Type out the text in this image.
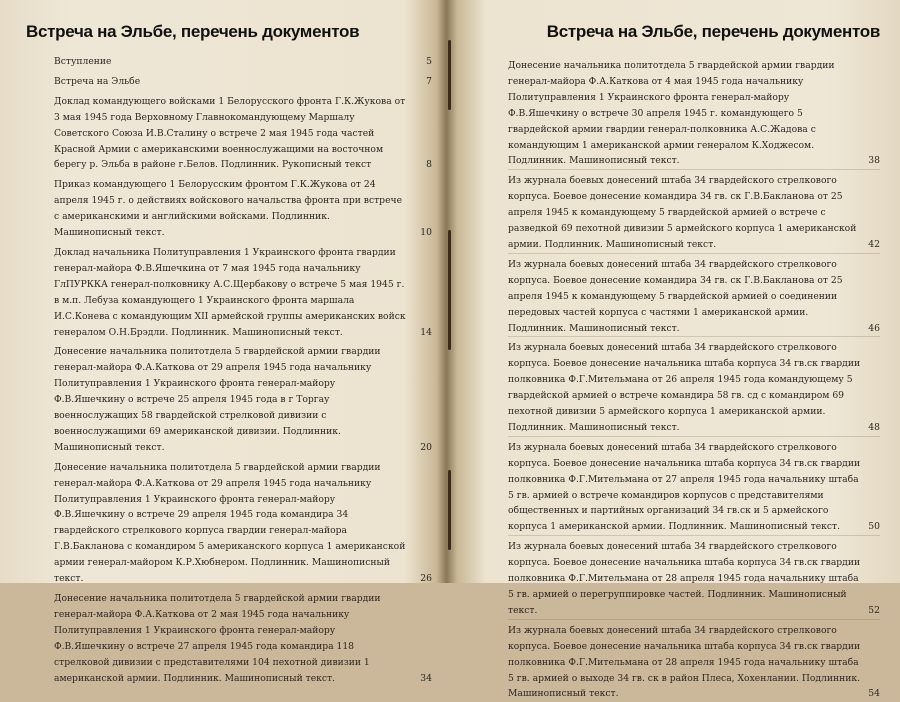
Встреча на Эльбе, перечень документов
Вступление	5
Встреча на Эльбе	7
Доклад командующего войсками 1 Белорусского фронта Г.К.Жукова от 3 мая 1945 года Верховному Главнокомандующему Маршалу Советского Союза И.В.Сталину о встрече 2 мая 1945 года частей Красной Армии с американскими военнослужащими на восточном берегу р. Эльба в районе г.Белов. Подлинник. Рукописный текст	8
Приказ командующего 1 Белорусским фронтом Г.К.Жукова от 24 апреля 1945 г. о действиях войскового начальства фронта при встрече с американскими и английскими войсками. Подлинник. Машинописный текст.	10
Доклад начальника Политуправления 1 Украинского фронта гвардии генерал-майора Ф.В.Яшечкина от 7 мая 1945 года начальнику ГлПУРККА генерал-полковнику А.С.Щербакову о встрече 5 мая 1945 г. в м.п. Лебуза командующего 1 Украинского фронта маршала И.С.Конева с командующим XII армейской группы американских войск генералом О.Н.Брэдли. Подлинник. Машинописный текст.	14
Донесение начальника политотдела 5 гвардейской армии гвардии генерал-майора Ф.А.Каткова от 29 апреля 1945 года начальнику Политуправления 1 Украинского фронта генерал-майору Ф.В.Яшечкину о встрече 25 апреля 1945 года в г Торгау военнослужащих 58 гвардейской стрелковой дивизии с военнослужащими 69 американской дивизии. Подлинник. Машинописный текст.	20
Донесение начальника политотдела 5 гвардейской армии гвардии генерал-майора Ф.А.Каткова от 29 апреля 1945 года начальнику Политуправления 1 Украинского фронта генерал-майору Ф.В.Яшечкину о встрече 29 апреля 1945 года командира 34 гвардейского стрелкового корпуса гвардии генерал-майора Г.В.Бакланова с командиром 5 американского корпуса 1 американской армии генерал-майором К.Р.Хюбнером. Подлинник. Машинописный текст.	26
Донесение начальника политотдела 5 гвардейской армии гвардии генерал-майора Ф.А.Каткова от 2 мая 1945 года начальнику Политуправления 1 Украинского фронта генерал-майору Ф.В.Яшечкину о встрече 27 апреля 1945 года командира 118 стрелковой дивизии с представителями 104 пехотной дивизии 1 американской армии. Подлинник. Машинописный текст.	34
Встреча на Эльбе, перечень документов
Донесение начальника политотдела 5 гвардейской армии гвардии генерал-майора Ф.А.Каткова от 4 мая 1945 года начальнику Политуправления 1 Украинского фронта генерал-майору Ф.В.Яшечкину о встрече 30 апреля 1945 г. командующего 5 гвардейской армии гвардии генерал-полковника А.С.Жадова с командующим 1 американской армии генералом К.Ходжесом. Подлинник. Машинописный текст.	38
Из журнала боевых донесений штаба 34 гвардейского стрелкового корпуса. Боевое донесение командира 34 гв. ск Г.В.Бакланова от 25 апреля 1945 к командующему 5 гвардейской армией о встрече с разведкой 69 пехотной дивизии 5 армейского корпуса 1 американской армии. Подлинник. Машинописный текст.	42
Из журнала боевых донесений штаба 34 гвардейского стрелкового корпуса. Боевое донесение командира 34 гв. ск Г.В.Бакланова от 25 апреля 1945 к командующему 5 гвардейской армией о соединении передовых частей корпуса с частями 1 американской армии. Подлинник. Машинописный текст.	46
Из журнала боевых донесений штаба 34 гвардейского стрелкового корпуса. Боевое донесение начальника штаба корпуса 34 гв.ск гвардии полковника Ф.Г.Мительмана от 26 апреля 1945 года командующему 5 гвардейской армией о встрече командира 58 гв. сд с командиром 69 пехотной дивизии 5 армейского корпуса 1 американской армии. Подлинник. Машинописный текст.	48
Из журнала боевых донесений штаба 34 гвардейского стрелкового корпуса. Боевое донесение начальника штаба корпуса 34 гв.ск гвардии полковника Ф.Г.Мительмана от 27 апреля 1945 года начальнику штаба 5 гв. армией о встрече командиров корпусов с представителями общественных и партийных организаций 34 гв.ск и 5 армейского корпуса 1 американской армии. Подлинник. Машинописный текст.	50
Из журнала боевых донесений штаба 34 гвардейского стрелкового корпуса. Боевое донесение начальника штаба корпуса 34 гв.ск гвардии полковника Ф.Г.Мительмана от 28 апреля 1945 года начальнику штаба 5 гв. армией о перегруппировке частей. Подлинник. Машинописный текст.	52
Из журнала боевых донесений штаба 34 гвардейского стрелкового корпуса. Боевое донесение начальника штаба корпуса 34 гв.ск гвардии полковника Ф.Г.Мительмана от 28 апреля 1945 года начальнику штаба 5 гв. армией о выходе 34 гв. ск в район Плеса, Хохенлании. Подлинник. Машинописный текст.	54
